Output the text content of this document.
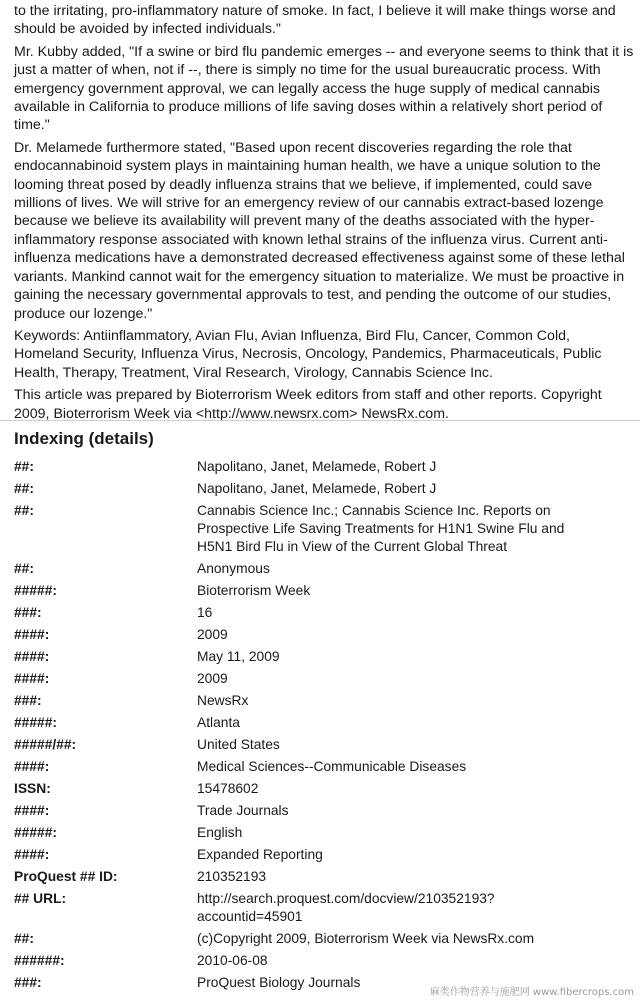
to the irritating, pro-inflammatory nature of smoke. In fact, I believe it will make things worse and should be avoided by infected individuals."

Mr. Kubby added, "If a swine or bird flu pandemic emerges -- and everyone seems to think that it is just a matter of when, not if --, there is simply no time for the usual bureaucratic process. With emergency government approval, we can legally access the huge supply of medical cannabis available in California to produce millions of life saving doses within a relatively short period of time."

Dr. Melamede furthermore stated, "Based upon recent discoveries regarding the role that endocannabinoid system plays in maintaining human health, we have a unique solution to the looming threat posed by deadly influenza strains that we believe, if implemented, could save millions of lives. We will strive for an emergency review of our cannabis extract-based lozenge because we believe its availability will prevent many of the deaths associated with the hyper-inflammatory response associated with known lethal strains of the influenza virus. Current anti-influenza medications have a demonstrated decreased effectiveness against some of these lethal variants. Mankind cannot wait for the emergency situation to materialize. We must be proactive in gaining the necessary governmental approvals to test, and pending the outcome of our studies, produce our lozenge."

Keywords: Antiinflammatory, Avian Flu, Avian Influenza, Bird Flu, Cancer, Common Cold, Homeland Security, Influenza Virus, Necrosis, Oncology, Pandemics, Pharmaceuticals, Public Health, Therapy, Treatment, Viral Research, Virology, Cannabis Science Inc.

This article was prepared by Bioterrorism Week editors from staff and other reports. Copyright 2009, Bioterrorism Week via <http://www.newsrx.com> NewsRx.com.

Indexing (details)
##:	Napolitano, Janet, Melamede, Robert J
##:	Napolitano, Janet, Melamede, Robert J
##:	Cannabis Science Inc.; Cannabis Science Inc. Reports on
Prospective Life Saving Treatments for H1N1 Swine Flu and
H5N1 Bird Flu in View of the Current Global Threat
##:	Anonymous
#####:	Bioterrorism Week
###:	16
####:	2009
####:	May 11, 2009
####:	2009
###:	NewsRx
#####:	Atlanta
#####/##:	United States
####:	Medical Sciences--Communicable Diseases
ISSN:	15478602
####:	Trade Journals
#####:	English
####:	Expanded Reporting
ProQuest ## ID:	210352193
## URL:	http://search.proquest.com/docview/210352193?
accountid=45901
##:	(c)Copyright 2009, Bioterrorism Week via NewsRx.com
######:	2010-06-08
###:	ProQuest Biology Journals
麻类作物营养与施肥网 www.fibercrops.com
